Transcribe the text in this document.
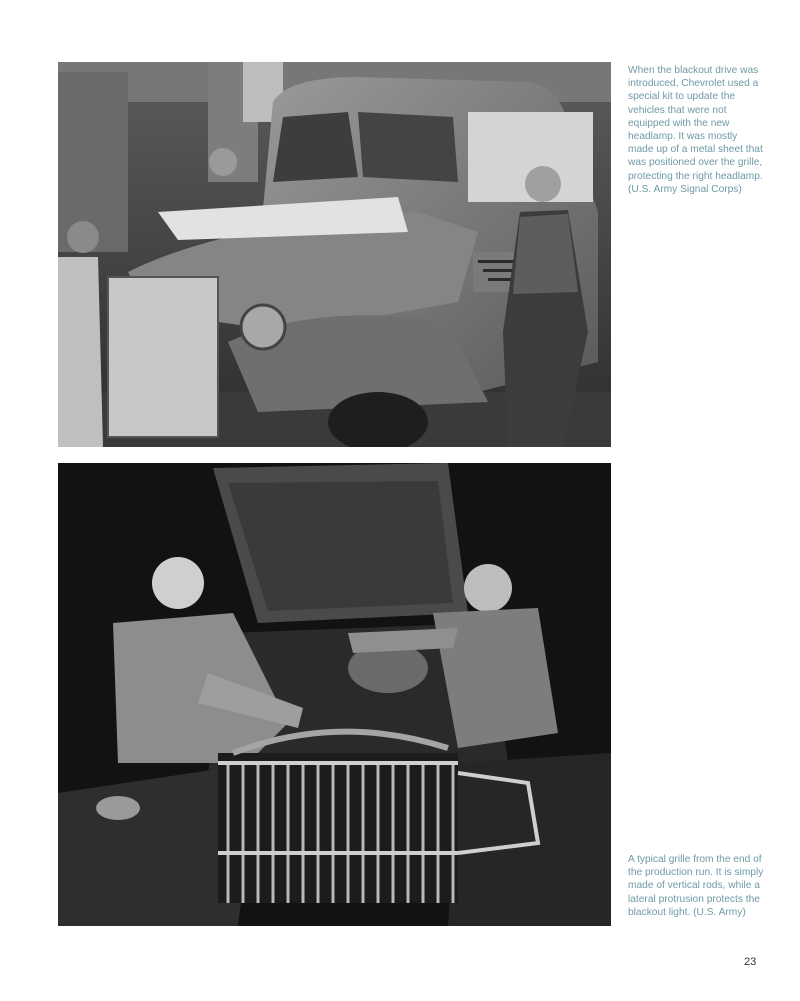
When the blackout drive was introduced, Chevrolet used a special kit to update the vehicles that were not equipped with the new headlamp. It was mostly made up of a metal sheet that was positioned over the grille, protecting the right headlamp. (U.S. Army Signal Corps)

A typical grille from the end of the production run. It is simply made of vertical rods, while a lateral protrusion protects the blackout light. (U.S. Army)

23
